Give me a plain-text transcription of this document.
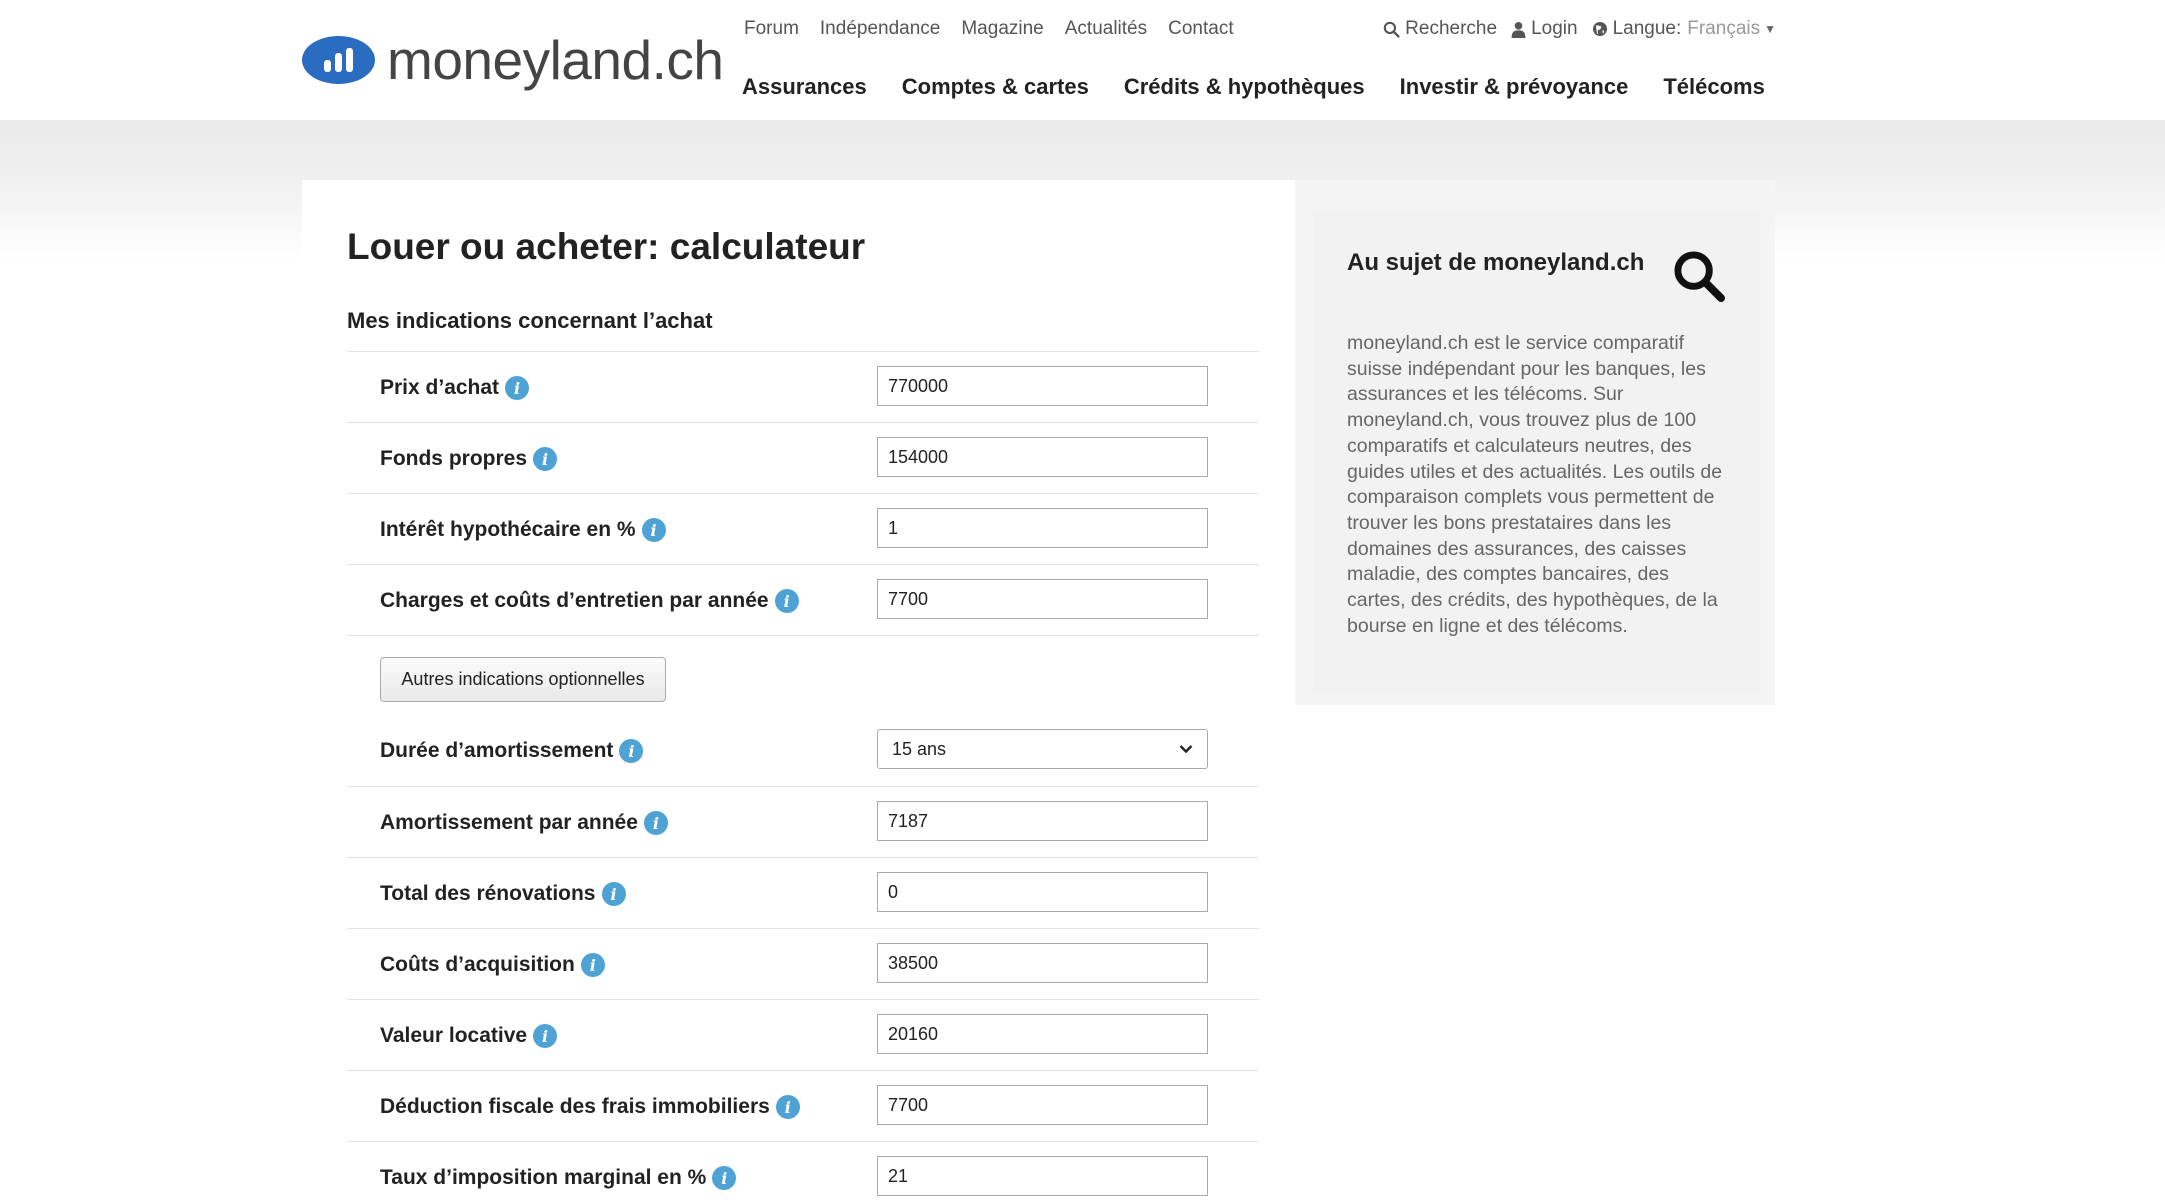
moneyland.ch
Forum Indépendance Magazine Actualités Contact	Recherche Login Langue: Français ▼
Assurances Comptes & cartes Crédits & hypothèques Investir & prévoyance Télécoms
Louer ou acheter: calculateur
Mes indications concernant l’achat
Prix d’achat i	770000
Fonds propres i	154000
Intérêt hypothécaire en % i	1
Charges et coûts d’entretien par année i	7700
Autres indications optionnelles
Durée d’amortissement i	15 ans
Amortissement par année i	7187
Total des rénovations i	0
Coûts d’acquisition i	38500
Valeur locative i	20160
Déduction fiscale des frais immobiliers i	7700
Taux d’imposition marginal en % i	21
Au sujet de moneyland.ch

moneyland.ch est le service comparatif suisse indépendant pour les banques, les assurances et les télécoms. Sur moneyland.ch, vous trouvez plus de 100 comparatifs et calculateurs neutres, des guides utiles et des actualités. Les outils de comparaison complets vous permettent de trouver les bons prestataires dans les domaines des assurances, des caisses maladie, des comptes bancaires, des cartes, des crédits, des hypothèques, de la bourse en ligne et des télécoms.
